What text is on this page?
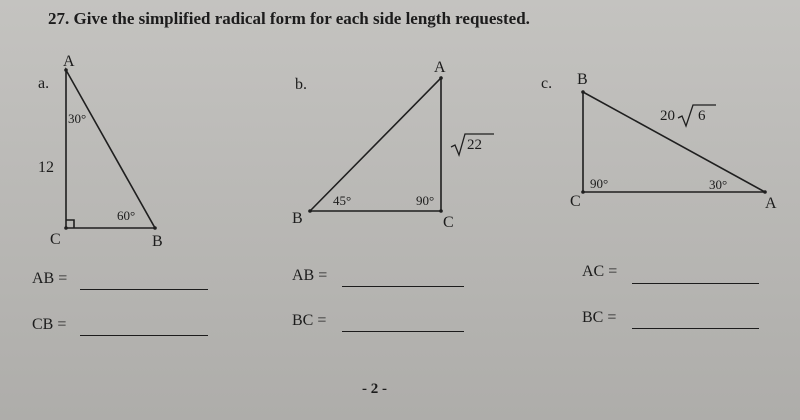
27. Give the simplified radical form for each side length requested.
a.
A
30°
12
60°
C	B
b.
A
22
45°	90°
B	C
c. B
20 6
90°	30°
C	A
AB =
CB =
AB =
BC =
AC =
BC =
- 2 -
